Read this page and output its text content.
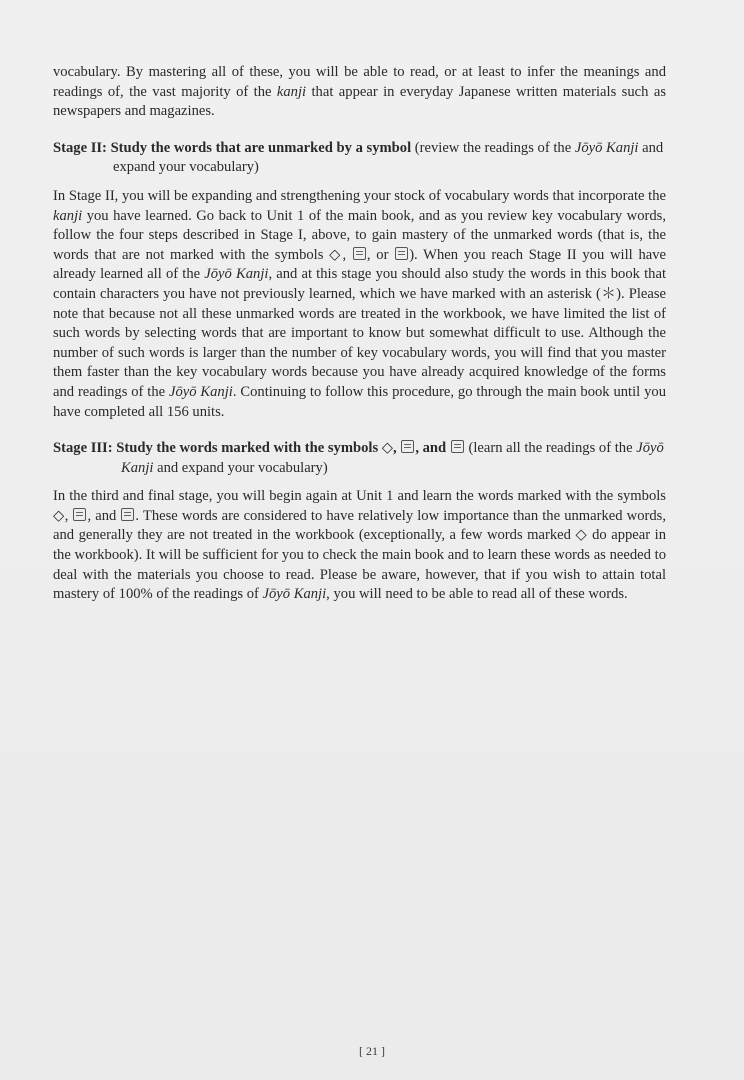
vocabulary. By mastering all of these, you will be able to read, or at least to infer the meanings and readings of, the vast majority of the kanji that appear in everyday Japanese written materials such as newspapers and magazines.

Stage II: Study the words that are unmarked by a symbol (review the readings of the Jōyō Kanji and expand your vocabulary)

In Stage II, you will be expanding and strengthening your stock of vocabulary words that incorporate the kanji you have learned. Go back to Unit 1 of the main book, and as you review key vocabulary words, follow the four steps described in Stage I, above, to gain mastery of the unmarked words (that is, the words that are not marked with the symbols ◇, , or ). When you reach Stage II you will have already learned all of the Jōyō Kanji, and at this stage you should also study the words in this book that contain characters you have not previously learned, which we have marked with an asterisk (＊). Please note that because not all these unmarked words are treated in the workbook, we have limited the list of such words by selecting words that are important to know but somewhat difficult to use. Although the number of such words is larger than the number of key vocabulary words, you will find that you master them faster than the key vocabulary words because you have already acquired knowledge of the forms and readings of the Jōyō Kanji. Continuing to follow this procedure, go through the main book until you have completed all 156 units.

Stage III: Study the words marked with the symbols ◇, , and  (learn all the readings of the Jōyō Kanji and expand your vocabulary)

In the third and final stage, you will begin again at Unit 1 and learn the words marked with the symbols ◇, , and . These words are considered to have relatively low importance than the unmarked words, and generally they are not treated in the workbook (exceptionally, a few words marked ◇ do appear in the workbook). It will be sufficient for you to check the main book and to learn these words as needed to deal with the materials you choose to read. Please be aware, however, that if you wish to attain total mastery of 100% of the readings of Jōyō Kanji, you will need to be able to read all of these words.

[ 21 ]
